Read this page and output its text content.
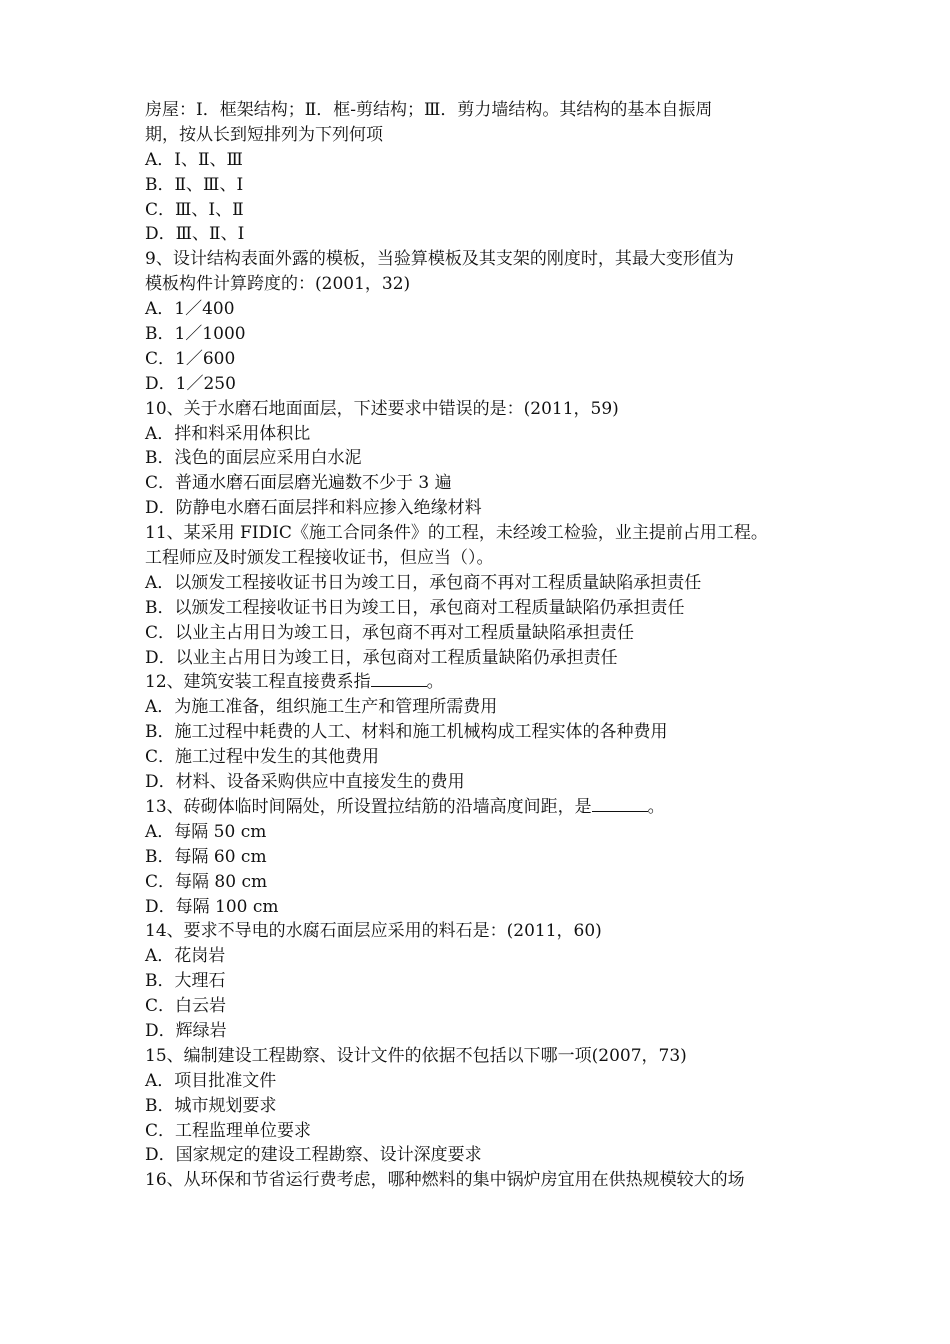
房屋：Ⅰ．框架结构；Ⅱ．框-剪结构；Ⅲ．剪力墙结构。其结构的基本自振周
期，按从长到短排列为下列何项
A．Ⅰ、Ⅱ、Ⅲ
B．Ⅱ、Ⅲ、Ⅰ
C．Ⅲ、Ⅰ、Ⅱ
D．Ⅲ、Ⅱ、Ⅰ
9、设计结构表面外露的模板，当验算模板及其支架的刚度时，其最大变形值为
模板构件计算跨度的：(2001，32)
A．1／400
B．1／1000
C．1／600
D．1／250
10、关于水磨石地面面层，下述要求中错误的是：(2011，59)
A．拌和料采用体积比
B．浅色的面层应采用白水泥
C．普通水磨石面层磨光遍数不少于 3 遍
D．防静电水磨石面层拌和料应掺入绝缘材料
11、某采用 FIDIC《施工合同条件》的工程，未经竣工检验，业主提前占用工程。
工程师应及时颁发工程接收证书，但应当（）。
A．以颁发工程接收证书日为竣工日，承包商不再对工程质量缺陷承担责任
B．以颁发工程接收证书日为竣工日，承包商对工程质量缺陷仍承担责任
C．以业主占用日为竣工日，承包商不再对工程质量缺陷承担责任
D．以业主占用日为竣工日，承包商对工程质量缺陷仍承担责任
12、建筑安装工程直接费系指	。
A．为施工准备，组织施工生产和管理所需费用
B．施工过程中耗费的人工、材料和施工机械构成工程实体的各种费用
C．施工过程中发生的其他费用
D．材料、设备采购供应中直接发生的费用
13、砖砌体临时间隔处，所设置拉结筋的沿墙高度间距，是	。
A．每隔 50 cm
B．每隔 60 cm
C．每隔 80 cm
D．每隔 100 cm
14、要求不导电的水腐石面层应采用的料石是：(2011，60)
A．花岗岩
B．大理石
C．白云岩
D．辉绿岩
15、编制建设工程勘察、设计文件的依据不包括以下哪一项(2007，73)
A．项目批准文件
B．城市规划要求
C．工程监理单位要求
D．国家规定的建设工程勘察、设计深度要求
16、从环保和节省运行费考虑，哪种燃料的集中锅炉房宜用在供热规模较大的场
